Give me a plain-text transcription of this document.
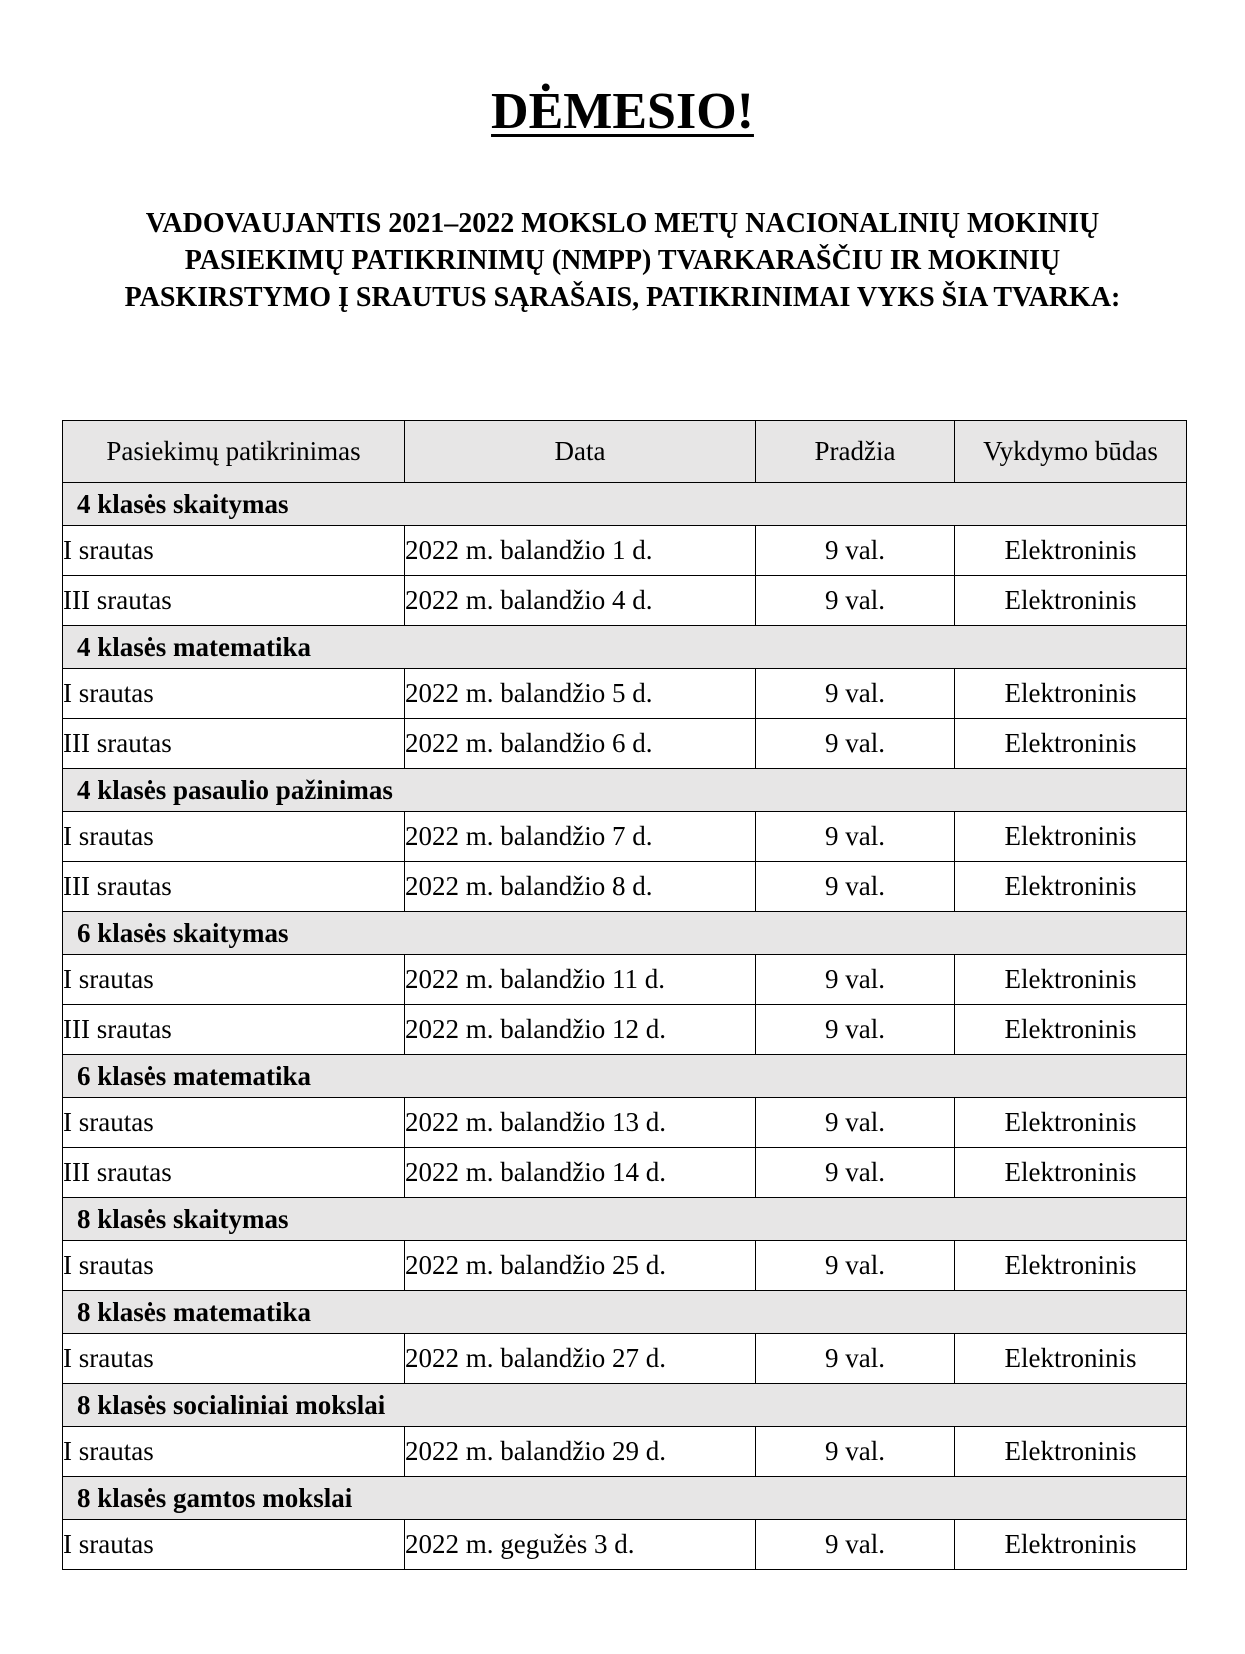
DĖMESIO!
VADOVAUJANTIS 2021–2022 MOKSLO METŲ NACIONALINIŲ MOKINIŲ PASIEKIMŲ PATIKRINIMŲ (NMPP) TVARKARAŠČIU IR MOKINIŲ PASKIRSTYMO Į SRAUTUS SĄRAŠAIS, PATIKRINIMAI VYKS ŠIA TVARKA:
Pasiekimų patikrinimas	Data	Pradžia	Vykdymo būdas
4 klasės skaitymas			
I srautas	2022 m. balandžio 1 d.	9 val.	Elektroninis
III srautas	2022 m. balandžio 4 d.	9 val.	Elektroninis
4 klasės matematika			
I srautas	2022 m. balandžio 5 d.	9 val.	Elektroninis
III srautas	2022 m. balandžio 6 d.	9 val.	Elektroninis
4 klasės pasaulio pažinimas			
I srautas	2022 m. balandžio 7 d.	9 val.	Elektroninis
III srautas	2022 m. balandžio 8 d.	9 val.	Elektroninis
6 klasės skaitymas			
I srautas	2022 m. balandžio 11 d.	9 val.	Elektroninis
III srautas	2022 m. balandžio 12 d.	9 val.	Elektroninis
6 klasės matematika			
I srautas	2022 m. balandžio 13 d.	9 val.	Elektroninis
III srautas	2022 m. balandžio 14 d.	9 val.	Elektroninis
8 klasės skaitymas			
I srautas	2022 m. balandžio 25 d.	9 val.	Elektroninis
8 klasės matematika			
I srautas	2022 m. balandžio 27 d.	9 val.	Elektroninis
8 klasės socialiniai mokslai			
I srautas	2022 m. balandžio 29 d.	9 val.	Elektroninis
8 klasės gamtos mokslai			
I srautas	2022 m. gegužės 3 d.	9 val.	Elektroninis
